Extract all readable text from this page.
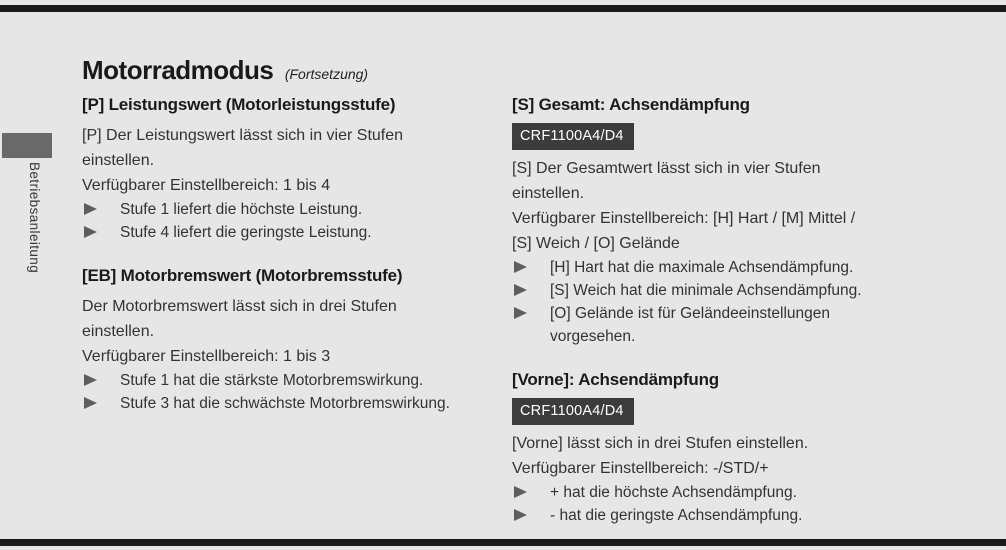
Betriebsanleitung
Motorradmodus (Fortsetzung)
[P] Leistungswert (Motorleistungsstufe)
[P] Der Leistungswert lässt sich in vier Stufen
einstellen.
Verfügbarer Einstellbereich: 1 bis 4
Stufe 1 liefert die höchste Leistung.
Stufe 4 liefert die geringste Leistung.
[EB] Motorbremswert (Motorbremsstufe)
Der Motorbremswert lässt sich in drei Stufen
einstellen.
Verfügbarer Einstellbereich: 1 bis 3
Stufe 1 hat die stärkste Motorbremswirkung.
Stufe 3 hat die schwächste Motorbremswirkung.
[S] Gesamt: Achsendämpfung
CRF1100A4/D4
[S] Der Gesamtwert lässt sich in vier Stufen
einstellen.
Verfügbarer Einstellbereich: [H] Hart / [M] Mittel /
[S] Weich / [O] Gelände
[H] Hart hat die maximale Achsendämpfung.
[S] Weich hat die minimale Achsendämpfung.
[O] Gelände ist für Geländeeinstellungen
vorgesehen.
[Vorne]: Achsendämpfung
CRF1100A4/D4
[Vorne] lässt sich in drei Stufen einstellen.
Verfügbarer Einstellbereich: -/STD/+
+ hat die höchste Achsendämpfung.
- hat die geringste Achsendämpfung.
